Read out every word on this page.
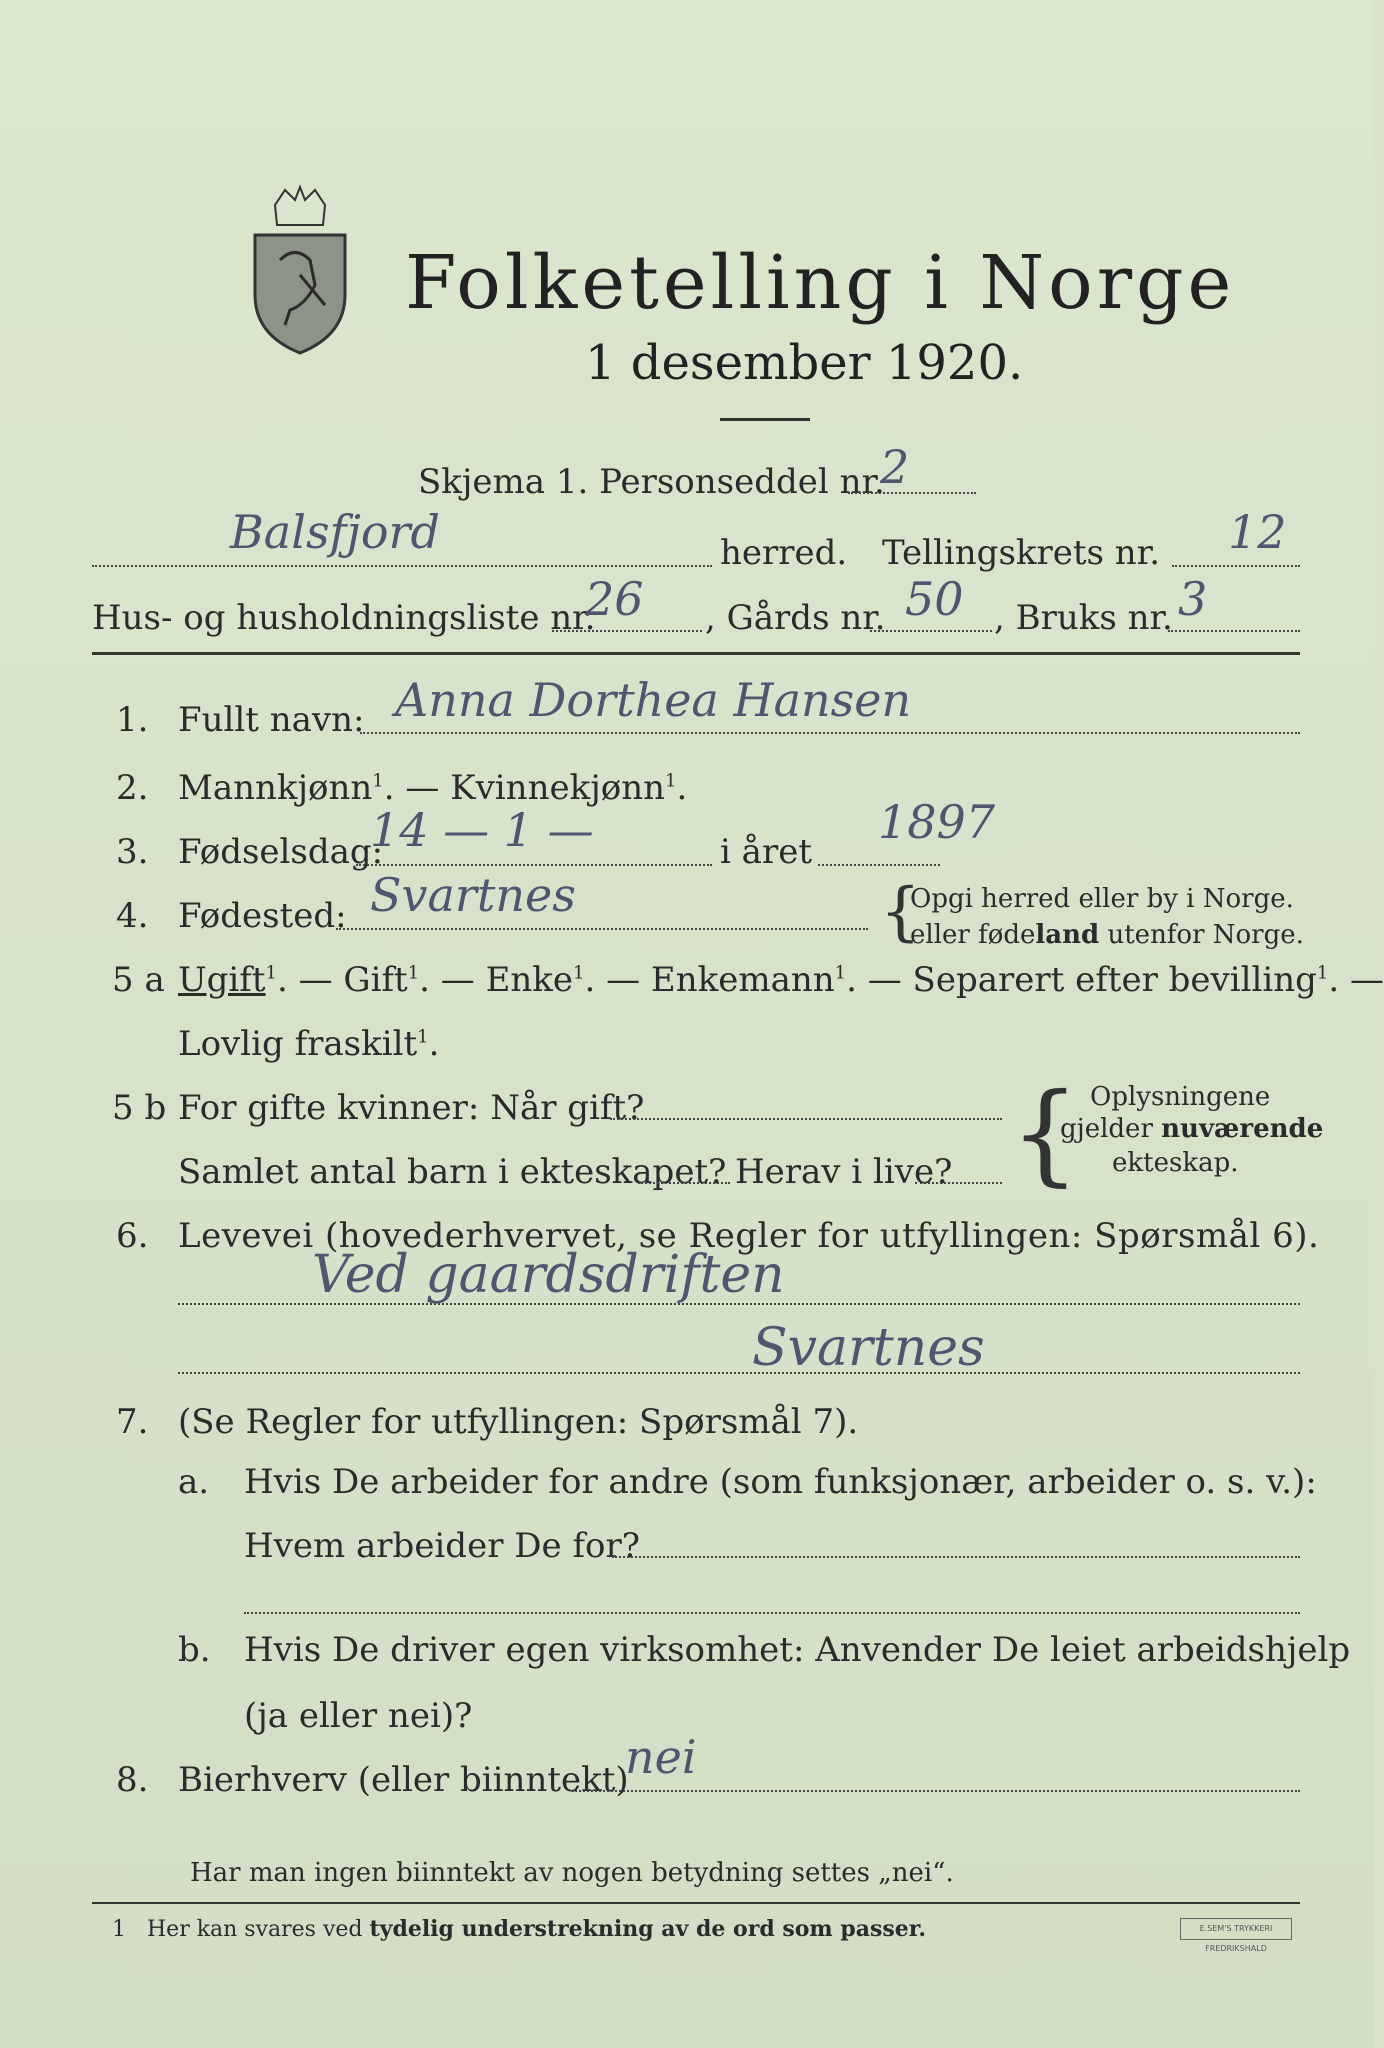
Folketelling i Norge
1 desember 1920.
Skjema 1. Personseddel nr.
2
Balsfjord	herred. Tellingskrets nr. 12
Hus- og husholdningsliste nr.
26 , Gårds nr. 50 , Bruks nr. 3
1. Fullt navn: Anna Dorthea Hansen
2. Mannkjønn$^1$. — Kvinnekjønn$^1$.
3. Fødselsdag:
14 — 1 —	i året
1897
4. Fødested: Svartnes	{
Opgi herred eller by i Norge.
eller fødeland utenfor Norge.
5 a Ugift$^1$. — Gift$^1$. — Enke$^1$. — Enkemann$^1$. — Separert efter bevilling$^1$. —
Lovlig fraskilt$^1$.
5 b For gifte kvinner: Når gift?
Samlet antal barn i ekteskapet? Herav i live? { Oplysningene
gjelder nuværende
ekteskap.
6. Levevei (hovederhvervet, se Regler for utfyllingen: Spørsmål 6).
Ved gaardsdriften
Svartnes
7. (Se Regler for utfyllingen: Spørsmål 7).
a. Hvis De arbeider for andre (som funksjonær, arbeider o. s. v.):
Hvem arbeider De for?
b. Hvis De driver egen virksomhet: Anvender De leiet arbeidshjelp
(ja eller nei)?
8. Bierhverv (eller biinntekt)
nei
Har man ingen biinntekt av nogen betydning settes „nei“.
1 Her kan svares ved tydelig understrekning av de ord som passer.	E.SEM'S TRYKKERI FREDRIKSHALD
